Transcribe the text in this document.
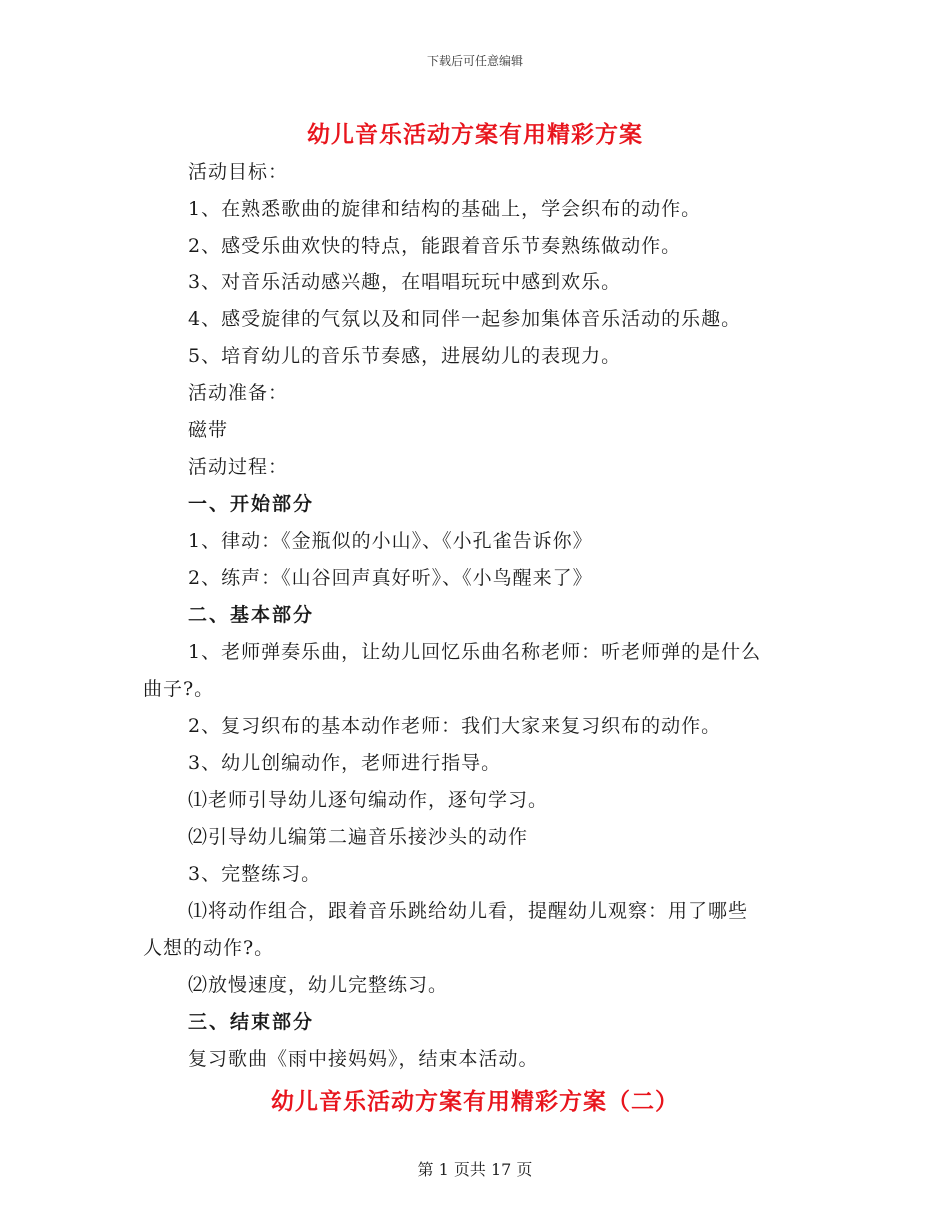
下载后可任意编辑
幼儿音乐活动方案有用精彩方案
活动目标：
1、在熟悉歌曲的旋律和结构的基础上，学会织布的动作。
2、感受乐曲欢快的特点，能跟着音乐节奏熟练做动作。
3、对音乐活动感兴趣，在唱唱玩玩中感到欢乐。
4、感受旋律的气氛以及和同伴一起参加集体音乐活动的乐趣。
5、培育幼儿的音乐节奏感，进展幼儿的表现力。
活动准备：
磁带
活动过程：
一、开始部分
1、律动：《金瓶似的小山》、《小孔雀告诉你》
2、练声：《山谷回声真好听》、《小鸟醒来了》
二、基本部分
1、老师弹奏乐曲，让幼儿回忆乐曲名称老师：听老师弹的是什么
曲子?。
2、复习织布的基本动作老师：我们大家来复习织布的动作。
3、幼儿创编动作，老师进行指导。
⑴老师引导幼儿逐句编动作，逐句学习。
⑵引导幼儿编第二遍音乐接沙头的动作
3、完整练习。
⑴将动作组合，跟着音乐跳给幼儿看，提醒幼儿观察：用了哪些
人想的动作?。
⑵放慢速度，幼儿完整练习。
三、结束部分
复习歌曲《雨中接妈妈》，结束本活动。
幼儿音乐活动方案有用精彩方案（二）
第 1 页共 17 页
